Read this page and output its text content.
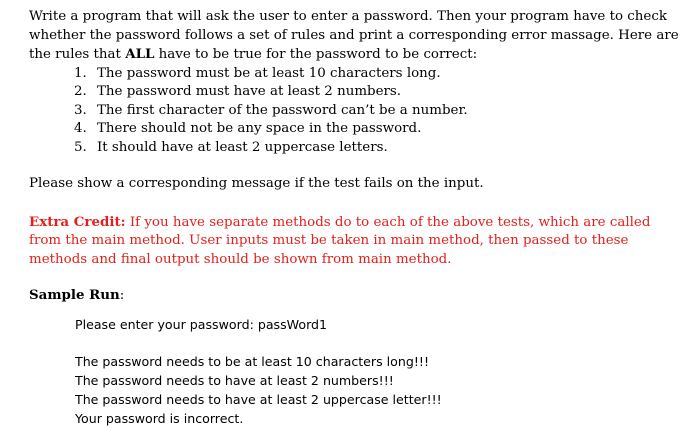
Write a program that will ask the user to enter a password. Then your program have to check whether the password follows a set of rules and print a corresponding error massage. Here are the rules that ALL have to be true for the password to be correct:

1. The password must be at least 10 characters long.
2. The password must have at least 2 numbers.
3. The first character of the password can’t be a number.
4. There should not be any space in the password.
5. It should have at least 2 uppercase letters.

Please show a corresponding message if the test fails on the input.

Extra Credit: If you have separate methods do to each of the above tests, which are called from the main method. User inputs must be taken in main method, then passed to these methods and final output should be shown from main method.

Sample Run:

Please enter your password: passWord1
The password needs to be at least 10 characters long!!!
The password needs to have at least 2 numbers!!!
The password needs to have at least 2 uppercase letter!!!
Your password is incorrect.
